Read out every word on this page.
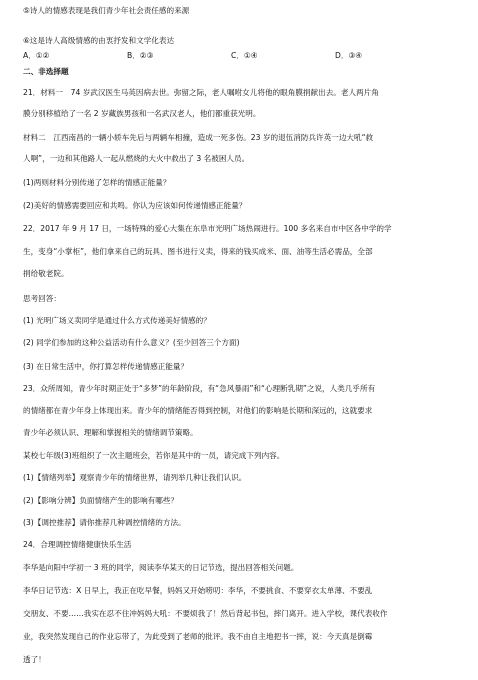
⑤诗人的情感表现是我们青少年社会责任感的来源
⑥这是诗人高级情感的由衷抒发和文学化表达
A．①②	B．②③	C．①④	D．③④
二、非选择题
21．材料一　74 岁武汉医生马英因病去世。弥留之际，老人嘱咐女儿将他的眼角膜捐献出去。老人两片角
膜分别移植给了一名 2 岁藏族男孩和一名武汉老人，他们都重获光明。
材料二　江西南昌的一辆小轿车先后与两辆车相撞，造成一死多伤。23 岁的退伍消防兵许英一边大吼“救
人啊”，一边和其他路人一起从燃烧的大火中救出了 3 名被困人员。
(1)两则材料分别传递了怎样的情感正能量？
(2)美好的情感需要回应和共鸣。你认为应该如何传递情感正能量？
22．2017 年 9 月 17 日，一场特殊的爱心大集在东阜市光明广场热闹进行。100 多名来自市中区各中学的学
生，变身“小掌柜”，他们拿来自己的玩具、图书进行义卖，得来的钱买成米、面、油等生活必需品，全部
捐给敬老院。
思考回答：
(1) 光明广场义卖同学是通过什么方式传递美好情感的？
(2) 同学们参加的这种公益活动有什么意义？(至少回答三个方面)
(3) 在日常生活中，你打算怎样传递情感正能量？
23．众所周知，青少年时期正处于“多梦”的年龄阶段，有“急风暴雨”和“心理断乳期”之说，人类几乎所有
的情绪都在青少年身上体现出来。青少年的情绪能否得到控制，对他们的影响是长期和深远的，这就要求
青少年必须认识、理解和掌握相关的情绪调节策略。
某校七年级(3)班组织了一次主题班会，若你是其中的一员，请完成下列内容。
(1)【情绪列举】观察青少年的情绪世界，请列举几种让我们认识。
(2)【影响分辨】负面情绪产生的影响有哪些？
(3)【调控推荐】请你推荐几种调控情绪的方法。
24．合理调控情绪健康快乐生活
李华是向阳中学初一 3 班的同学，阅读李华某天的日记节选，提出回答相关问题。
李华日记节选：X 日早上，我正在吃早餐，妈妈又开始唠叨：李华，不要挑食、不要穿衣太单薄、不要乱
交朋友、不要……我实在忍不住冲妈妈大吼：不要烦我了！然后背起书包，摔门离开。进入学校，课代表收作
业，我突然发现自己的作业忘带了，为此受到了老师的批评。我不由自主地把书一摔，说：今天真是倒霉
透了！
